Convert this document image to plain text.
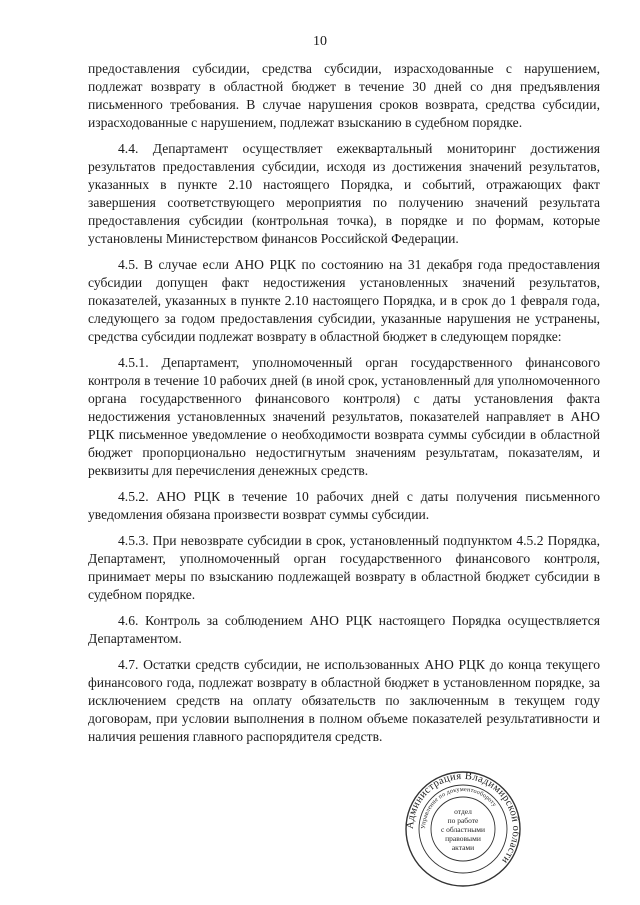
10

предоставления субсидии, средства субсидии, израсходованные с нарушением, подлежат возврату в областной бюджет в течение 30 дней со дня предъявления письменного требования. В случае нарушения сроков возврата, средства субсидии, израсходованные с нарушением, подлежат взысканию в судебном порядке.

4.4. Департамент осуществляет ежеквартальный мониторинг достижения результатов предоставления субсидии, исходя из достижения значений результатов, указанных в пункте 2.10 настоящего Порядка, и событий, отражающих факт завершения соответствующего мероприятия по получению значений результата предоставления субсидии (контрольная точка), в порядке и по формам, которые установлены Министерством финансов Российской Федерации.

4.5. В случае если АНО РЦК по состоянию на 31 декабря года предоставления субсидии допущен факт недостижения установленных значений результатов, показателей, указанных в пункте 2.10 настоящего Порядка, и в срок до 1 февраля года, следующего за годом предоставления субсидии, указанные нарушения не устранены, средства субсидии подлежат возврату в областной бюджет в следующем порядке:

4.5.1. Департамент, уполномоченный орган государственного финансового контроля в течение 10 рабочих дней (в иной срок, установленный для уполномоченного органа государственного финансового контроля) с даты установления факта недостижения установленных значений результатов, показателей направляет в АНО РЦК письменное уведомление о необходимости возврата суммы субсидии в областной бюджет пропорционально недостигнутым значениям результатам, показателям, и реквизиты для перечисления денежных средств.

4.5.2. АНО РЦК в течение 10 рабочих дней с даты получения письменного уведомления обязана произвести возврат суммы субсидии.

4.5.3. При невозврате субсидии в срок, установленный подпунктом 4.5.2 Порядка, Департамент, уполномоченный орган государственного финансового контроля, принимает меры по взысканию подлежащей возврату в областной бюджет субсидии в судебном порядке.

4.6. Контроль за соблюдением АНО РЦК настоящего Порядка осуществляется Департаментом.

4.7. Остатки средств субсидии, не использованных АНО РЦК до конца текущего финансового года, подлежат возврату в областной бюджет в установленном порядке, за исключением средств на оплату обязательств по заключенным в текущем году договорам, при условии выполнения в полном объеме показателей результативности и наличия решения главного распорядителя средств.

Администрация Владимирской области
Управление по документообороту
отдел
по работе
с областными
правовыми
актами
